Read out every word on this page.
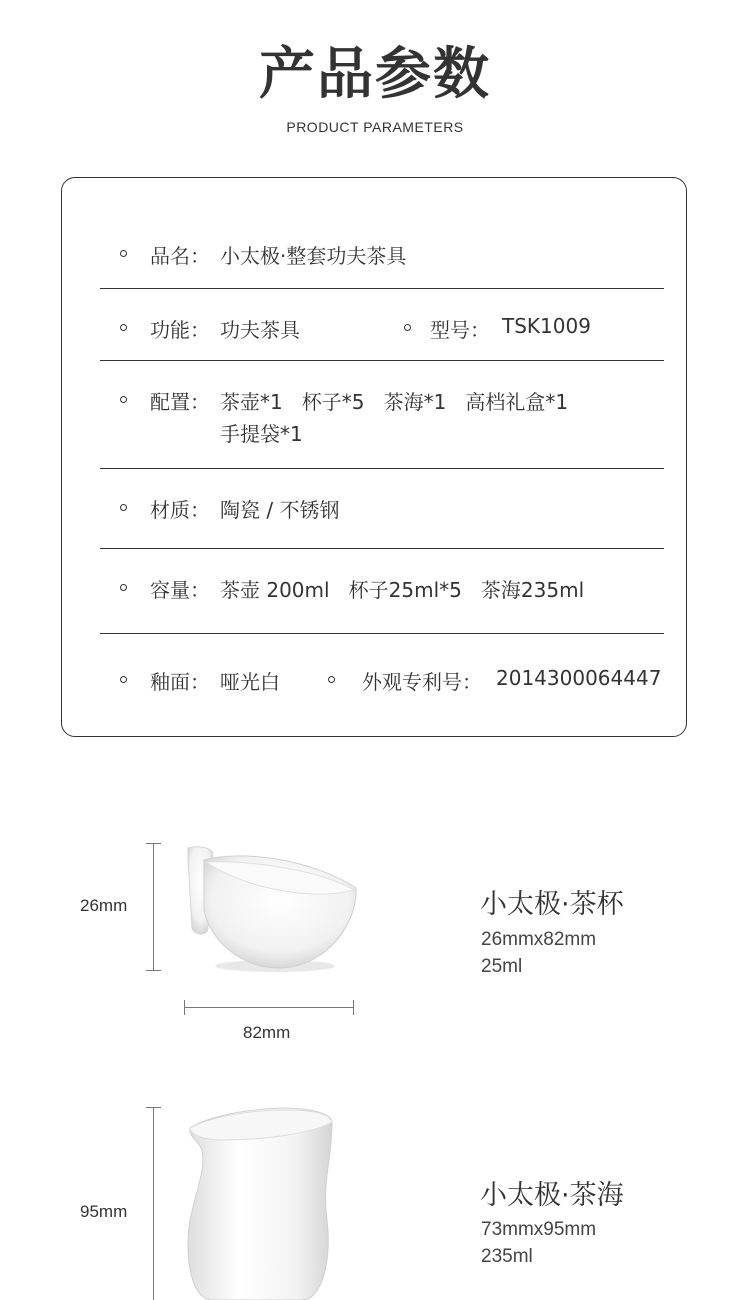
产品参数
PRODUCT PARAMETERS
品名： 小太极·整套功夫茶具
功能： 功夫茶具	型号： TSK1009
配置： 茶壶*1   杯子*5   茶海*1   高档礼盒*1
手提袋*1
材质： 陶瓷 / 不锈钢
容量： 茶壶 200ml   杯子25ml*5   茶海235ml
釉面： 哑光白	外观专利号： 2014300064447
26mm
82mm
小太极·茶杯
26mmx82mm
25ml
95mm
小太极·茶海
73mmx95mm
235ml
